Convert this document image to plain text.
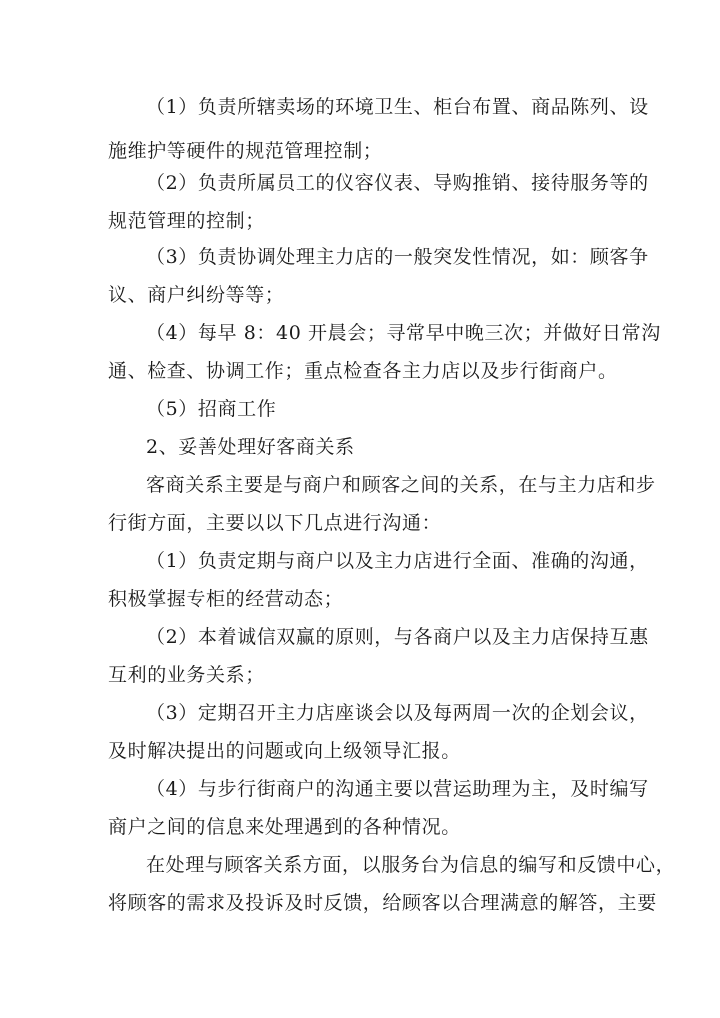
（1）负责所辖卖场的环境卫生、柜台布置、商品陈列、设
施维护等硬件的规范管理控制；
（2）负责所属员工的仪容仪表、导购推销、接待服务等的
规范管理的控制；
（3）负责协调处理主力店的一般突发性情况，如：顾客争
议、商户纠纷等等；
（4）每早 8：40 开晨会；寻常早中晚三次；并做好日常沟
通、检查、协调工作；重点检查各主力店以及步行街商户。
（5）招商工作
2、妥善处理好客商关系
客商关系主要是与商户和顾客之间的关系，在与主力店和步
行街方面，主要以以下几点进行沟通：
（1）负责定期与商户以及主力店进行全面、准确的沟通，
积极掌握专柜的经营动态；
（2）本着诚信双赢的原则，与各商户以及主力店保持互惠
互利的业务关系；
（3）定期召开主力店座谈会以及每两周一次的企划会议，
及时解决提出的问题或向上级领导汇报。
（4）与步行街商户的沟通主要以营运助理为主，及时编写
商户之间的信息来处理遇到的各种情况。
在处理与顾客关系方面，以服务台为信息的编写和反馈中心，
将顾客的需求及投诉及时反馈，给顾客以合理满意的解答，主要
